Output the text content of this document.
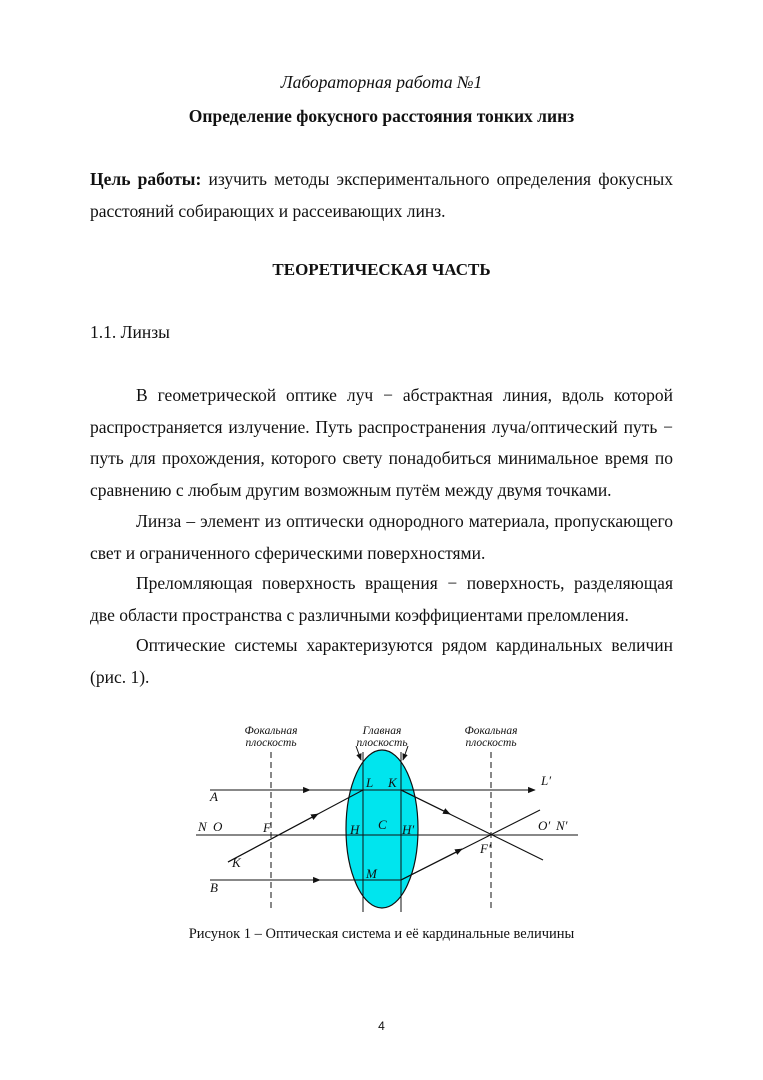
Лабораторная работа №1
Определение фокусного расстояния тонких линз
Цель работы: изучить методы экспериментального определения фокусных расстояний собирающих и рассеивающих линз.
ТЕОРЕТИЧЕСКАЯ ЧАСТЬ
1.1. Линзы
В геометрической оптике луч − абстрактная линия, вдоль которой распространяется излучение. Путь распространения луча/оптический путь − путь для прохождения, которого свету понадобиться минимальное время по сравнению с любым другим возможным путём между двумя точками.
Линза – элемент из оптически однородного материала, пропускающего свет и ограниченного сферическими поверхностями.
Преломляющая поверхность вращения − поверхность, разделяющая две области пространства с различными коэффициентами преломления.
Оптические системы характеризуются рядом кардинальных величин (рис. 1).
Фокальная
плоскость
Главная
плоскость
Фокальная
плоскость
A
B
K
L K	L′
N O	F	H C H′	O′ N′
F′
M
Рисунок 1 – Оптическая система и её кардинальные величины
4
